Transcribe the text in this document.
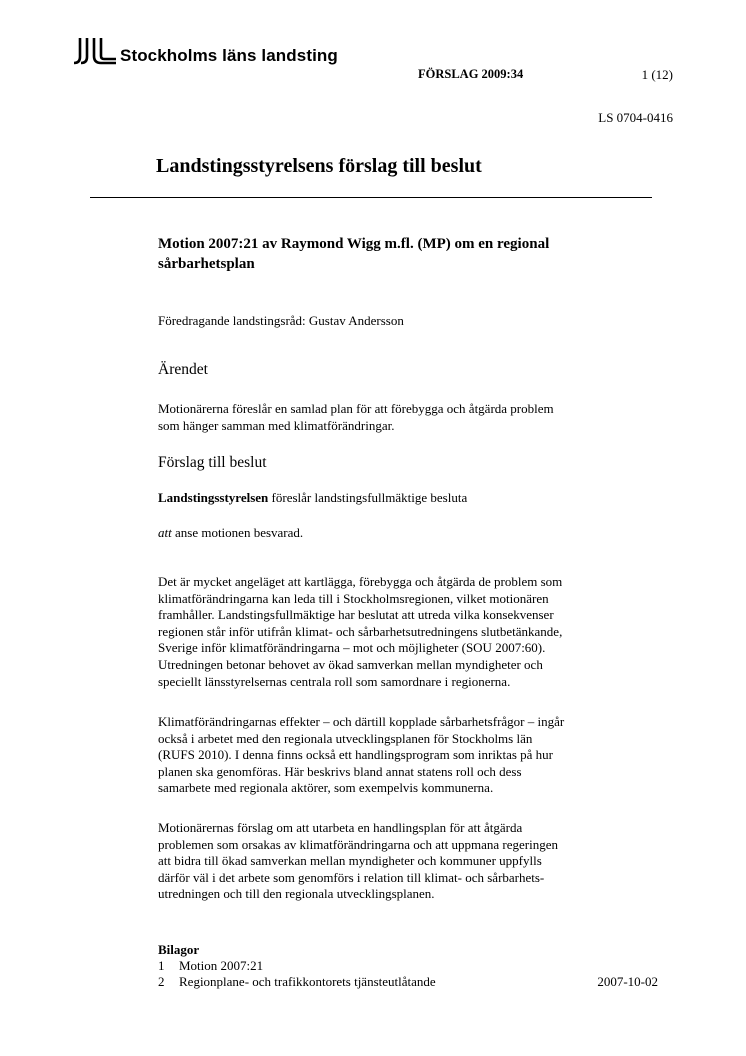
Stockholms läns landsting
FÖRSLAG 2009:34	1 (12)
LS 0704-0416
Landstingsstyrelsens förslag till beslut
Motion 2007:21 av Raymond Wigg m.fl. (MP) om en regional sårbarhetsplan
Föredragande landstingsråd: Gustav Andersson
Ärendet

Motionärerna föreslår en samlad plan för att förebygga och åtgärda problem
som hänger samman med klimatförändringar.

Förslag till beslut

Landstingsstyrelsen föreslår landstingsfullmäktige besluta

att anse motionen besvarad.

Det är mycket angeläget att kartlägga, förebygga och åtgärda de problem som
klimatförändringarna kan leda till i Stockholmsregionen, vilket motionären
framhåller. Landstingsfullmäktige har beslutat att utreda vilka konsekvenser
regionen står inför utifrån klimat- och sårbarhetsutredningens slutbetänkande,
Sverige inför klimatförändringarna – mot och möjligheter (SOU 2007:60).
Utredningen betonar behovet av ökad samverkan mellan myndigheter och
speciellt länsstyrelsernas centrala roll som samordnare i regionerna.

Klimatförändringarnas effekter – och därtill kopplade sårbarhetsfrågor – ingår
också i arbetet med den regionala utvecklingsplanen för Stockholms län
(RUFS 2010). I denna finns också ett handlingsprogram som inriktas på hur
planen ska genomföras. Här beskrivs bland annat statens roll och dess
samarbete med regionala aktörer, som exempelvis kommunerna.

Motionärernas förslag om att utarbeta en handlingsplan för att åtgärda
problemen som orsakas av klimatförändringarna och att uppmana regeringen
att bidra till ökad samverkan mellan myndigheter och kommuner uppfylls
därför väl i det arbete som genomförs i relation till klimat- och sårbarhets-
utredningen och till den regionala utvecklingsplanen.

Bilagor
1	Motion 2007:21
2	Regionplane- och trafikkontorets tjänsteutlåtande	2007-10-02
